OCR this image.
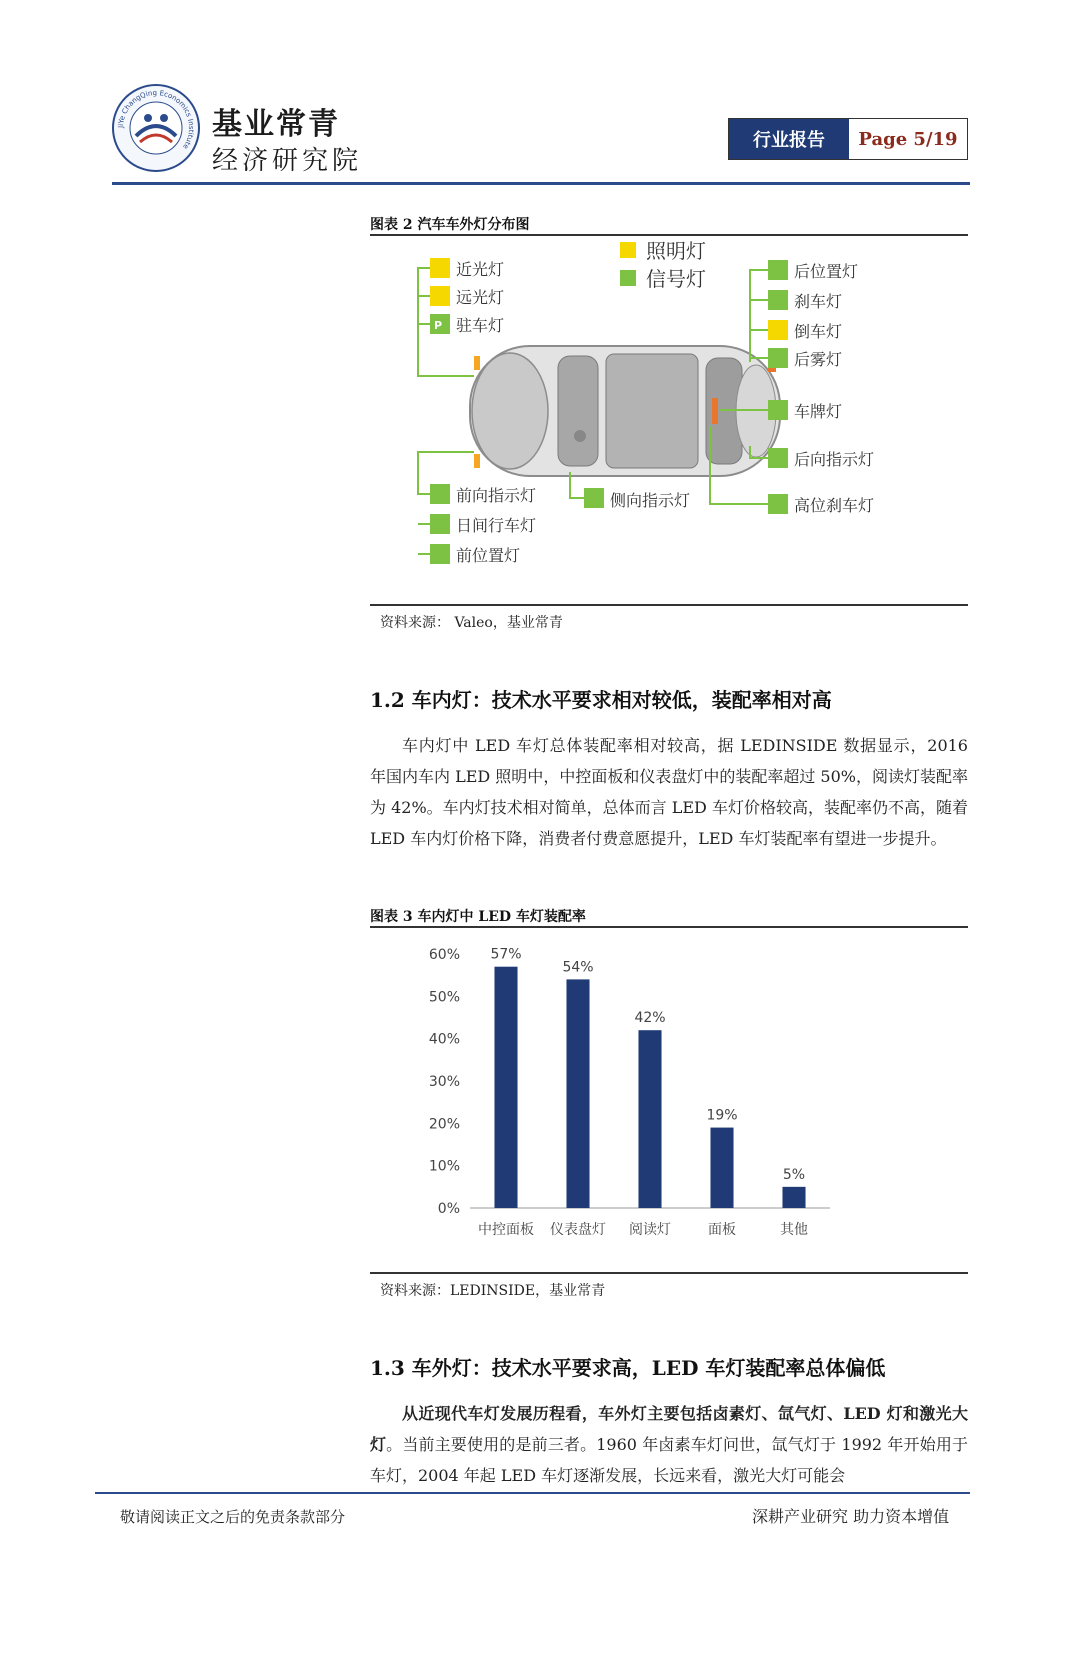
JiYe ChangQing Economics Institute
基业常青
经济研究院
行业报告	Page 5/19
图表 2 汽车车外灯分布图
照明灯
信号灯
近光灯
远光灯
P 驻车灯
前向指示灯
日间行车灯
前位置灯
侧向指示灯
后位置灯
刹车灯
倒车灯
后雾灯
车牌灯
后向指示灯
高位刹车灯
资料来源： Valeo，基业常青
1.2 车内灯：技术水平要求相对较低，装配率相对高
车内灯中 LED 车灯总体装配率相对较高，据 LEDINSIDE 数据显示，2016 年国内车内 LED 照明中，中控面板和仪表盘灯中的装配率超过 50%，阅读灯装配率为 42%。车内灯技术相对简单，总体而言 LED 车灯价格较高，装配率仍不高，随着 LED 车内灯价格下降，消费者付费意愿提升，LED 车灯装配率有望进一步提升。
图表 3 车内灯中 LED 车灯装配率
0%
10%
20%
30%
40%
50%
60% 57%
中控面板
54%
仪表盘灯
42%
阅读灯
19%
面板
5%
其他
资料来源：LEDINSIDE，基业常青
1.3 车外灯：技术水平要求高，LED 车灯装配率总体偏低
从近现代车灯发展历程看，车外灯主要包括卤素灯、氙气灯、LED 灯和激光大灯。当前主要使用的是前三者。1960 年卤素车灯问世，氙气灯于 1992 年开始用于车灯，2004 年起 LED 车灯逐渐发展，长远来看，激光大灯可能会
敬请阅读正文之后的免责条款部分	深耕产业研究 助力资本增值
